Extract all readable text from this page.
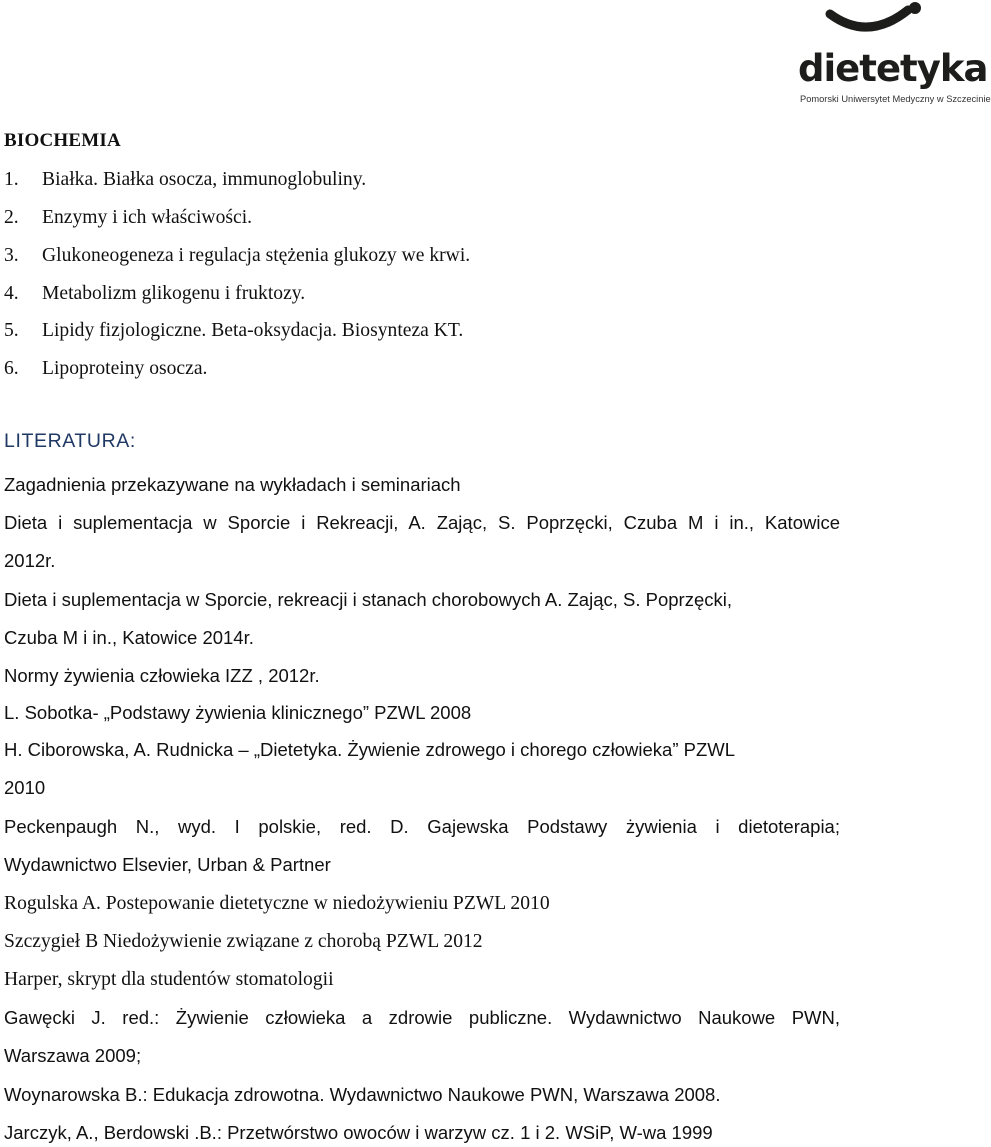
dietetyka
Pomorski Uniwersytet Medyczny w Szczecinie
BIOCHEMIA
1. Białka. Białka osocza, immunoglobuliny.
2. Enzymy i ich właściwości.
3. Glukoneogeneza i regulacja stężenia glukozy we krwi.
4. Metabolizm glikogenu i fruktozy.
5. Lipidy fizjologiczne. Beta-oksydacja. Biosynteza KT.
6. Lipoproteiny osocza.
LITERATURA:
Zagadnienia przekazywane na wykładach i seminariach
Dieta i suplementacja w Sporcie i Rekreacji, A. Zając, S. Poprzęcki, Czuba M i in., Katowice
2012r.
Dieta i suplementacja w Sporcie, rekreacji i stanach chorobowych A. Zając, S. Poprzęcki,
Czuba M i in., Katowice 2014r.
Normy żywienia człowieka IZZ , 2012r.
L. Sobotka- „Podstawy żywienia klinicznego” PZWL 2008
H. Ciborowska, A. Rudnicka – „Dietetyka. Żywienie zdrowego i chorego człowieka” PZWL
2010
Peckenpaugh N., wyd. I polskie, red. D. Gajewska Podstawy żywienia i dietoterapia;
Wydawnictwo Elsevier, Urban & Partner
Rogulska A. Postepowanie dietetyczne w niedożywieniu PZWL 2010
Szczygieł B Niedożywienie związane z chorobą PZWL 2012
Harper, skrypt dla studentów stomatologii
Gawęcki J. red.: Żywienie człowieka a zdrowie publiczne. Wydawnictwo Naukowe PWN,
Warszawa 2009;
Woynarowska B.: Edukacja zdrowotna. Wydawnictwo Naukowe PWN, Warszawa 2008.
Jarczyk, A., Berdowski .B.: Przetwórstwo owoców i warzyw cz. 1 i 2. WSiP, W-wa 1999
